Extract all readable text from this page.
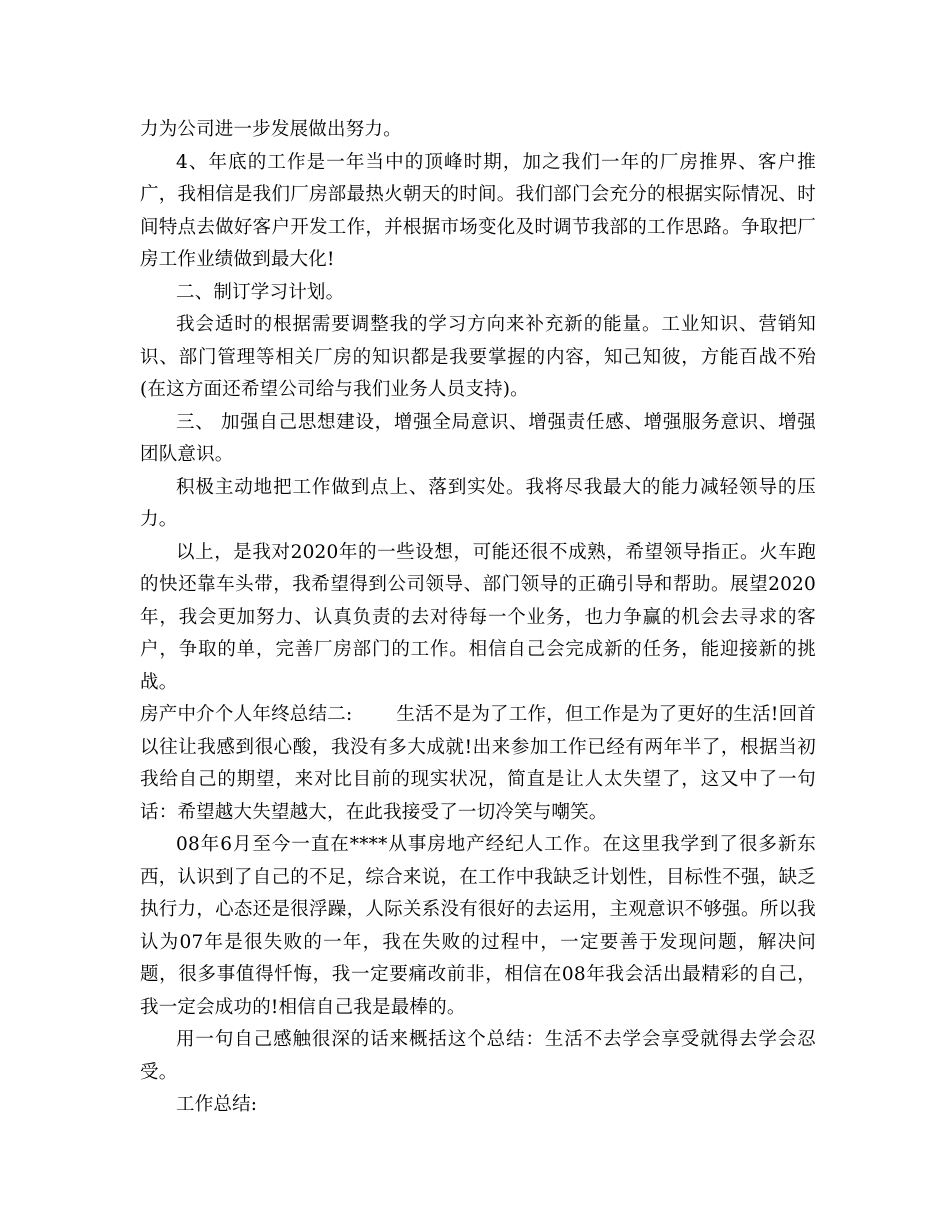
力为公司进一步发展做出努力。

4、年底的工作是一年当中的顶峰时期，加之我们一年的厂房推界、客户推广，我相信是我们厂房部最热火朝天的时间。我们部门会充分的根据实际情况、时间特点去做好客户开发工作，并根据市场变化及时调节我部的工作思路。争取把厂房工作业绩做到最大化!

二、制订学习计划。

我会适时的根据需要调整我的学习方向来补充新的能量。工业知识、营销知识、部门管理等相关厂房的知识都是我要掌握的内容，知己知彼，方能百战不殆(在这方面还希望公司给与我们业务人员支持)。

三、 加强自己思想建设，增强全局意识、增强责任感、增强服务意识、增强团队意识。

积极主动地把工作做到点上、落到实处。我将尽我最大的能力减轻领导的压力。

以上，是我对2020年的一些设想，可能还很不成熟，希望领导指正。火车跑的快还靠车头带，我希望得到公司领导、部门领导的正确引导和帮助。展望2020年，我会更加努力、认真负责的去对待每一个业务，也力争赢的机会去寻求的客户，争取的单，完善厂房部门的工作。相信自己会完成新的任务，能迎接新的挑战。

房产中介个人年终总结二: 生活不是为了工作，但工作是为了更好的生活!回首以往让我感到很心酸，我没有多大成就!出来参加工作已经有两年半了，根据当初我给自己的期望，来对比目前的现实状况，简直是让人太失望了，这又中了一句话：希望越大失望越大，在此我接受了一切冷笑与嘲笑。

08年6月至今一直在****从事房地产经纪人工作。在这里我学到了很多新东西，认识到了自己的不足，综合来说，在工作中我缺乏计划性，目标性不强，缺乏执行力，心态还是很浮躁，人际关系没有很好的去运用，主观意识不够强。所以我认为07年是很失败的一年，我在失败的过程中，一定要善于发现问题，解决问题，很多事值得忏悔，我一定要痛改前非，相信在08年我会活出最精彩的自己，我一定会成功的!相信自己我是最棒的。

用一句自己感触很深的话来概括这个总结：生活不去学会享受就得去学会忍受。

工作总结:
